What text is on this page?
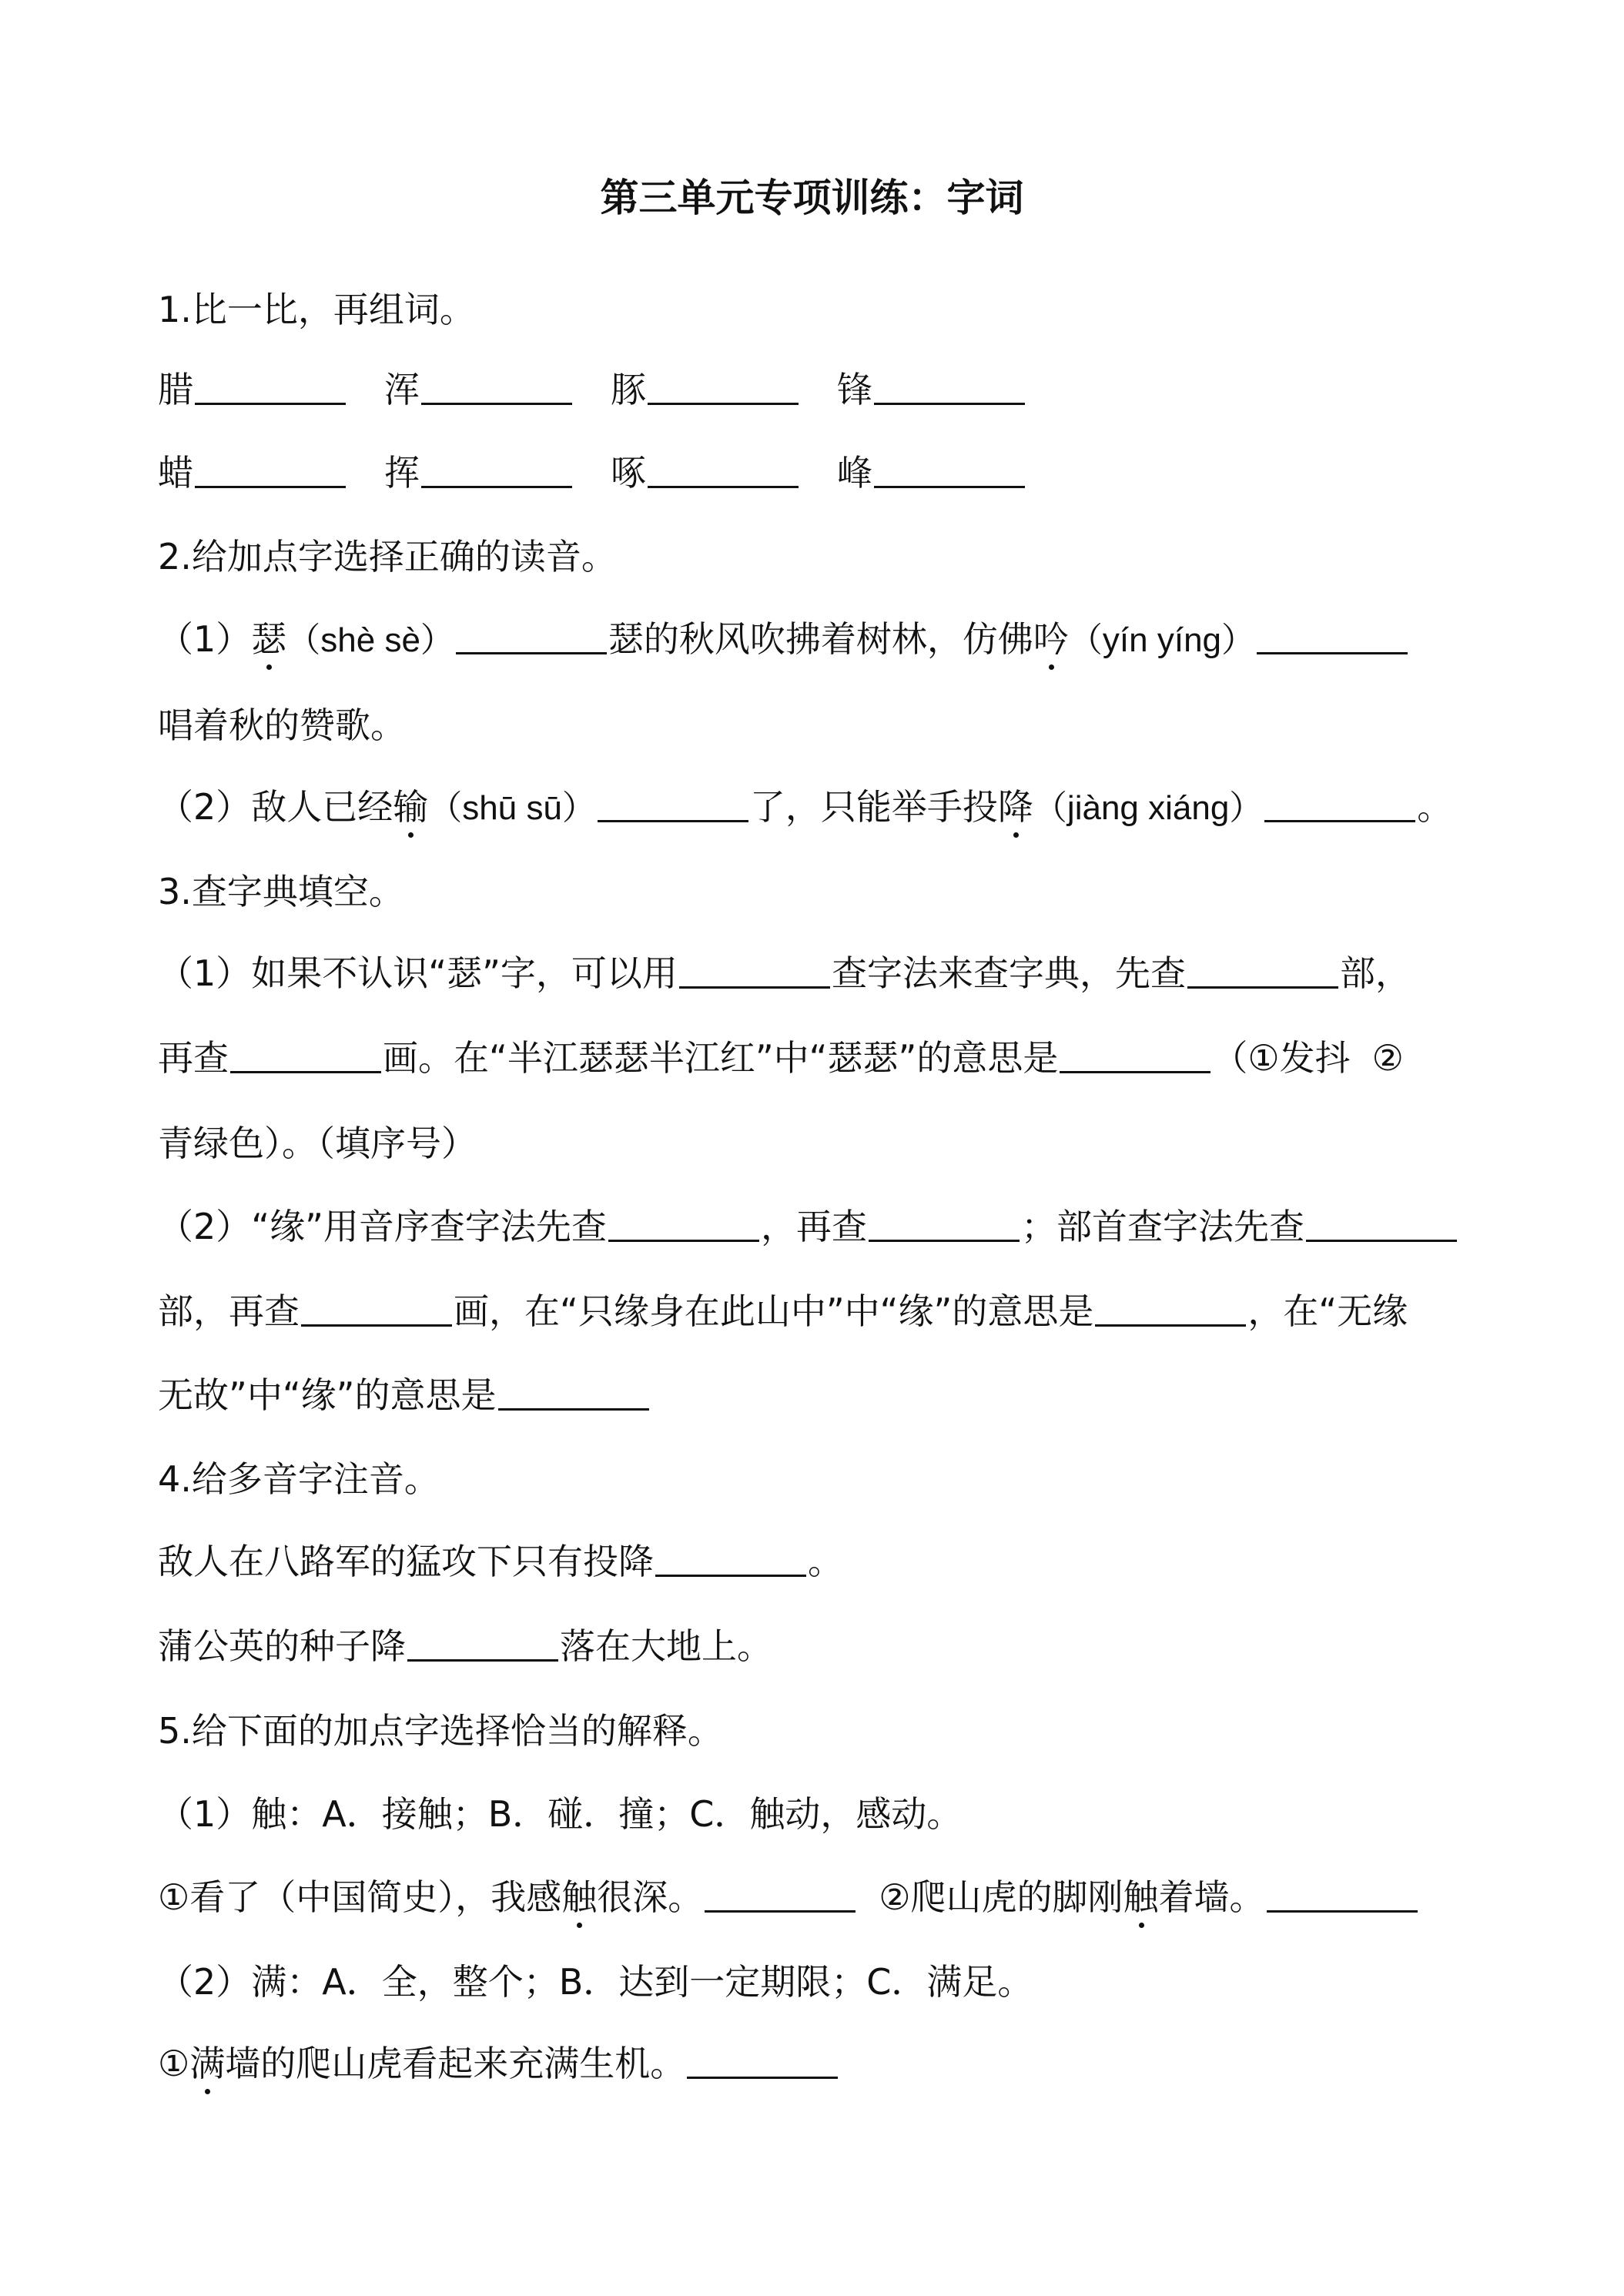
第三单元专项训练：字词
1.比一比，再组词。
腊	浑	豚	锋
蜡	挥	啄	峰
2.给加点字选择正确的读音。
（1）瑟（shè sè）	瑟的秋风吹拂着树林，仿佛吟（yín yíng）
唱着秋的赞歌。
（2）敌人已经输（shū sū）	了，只能举手投降（jiàng xiáng）	。
3.查字典填空。
（1）如果不认识“瑟”字，可以用	查字法来查字典，先查	部，
再查	画。在“半江瑟瑟半江红”中“瑟瑟”的意思是	（①发抖 ②
青绿色）。（填序号）
（2）“缘”用音序查字法先查	，再查	；部首查字法先查
部，再查	画，在“只缘身在此山中”中“缘”的意思是	，在“无缘
无故”中“缘”的意思是
4.给多音字注音。
敌人在八路军的猛攻下只有投降	。
蒲公英的种子降	落在大地上。
5.给下面的加点字选择恰当的解释。
（1）触：A．接触；B．碰．撞；C．触动，感动。
①看了（中国简史），我感触很深。	②爬山虎的脚刚触着墙。
（2）满：A．全，整个；B．达到一定期限；C．满足。
①满墙的爬山虎看起来充满生机。
